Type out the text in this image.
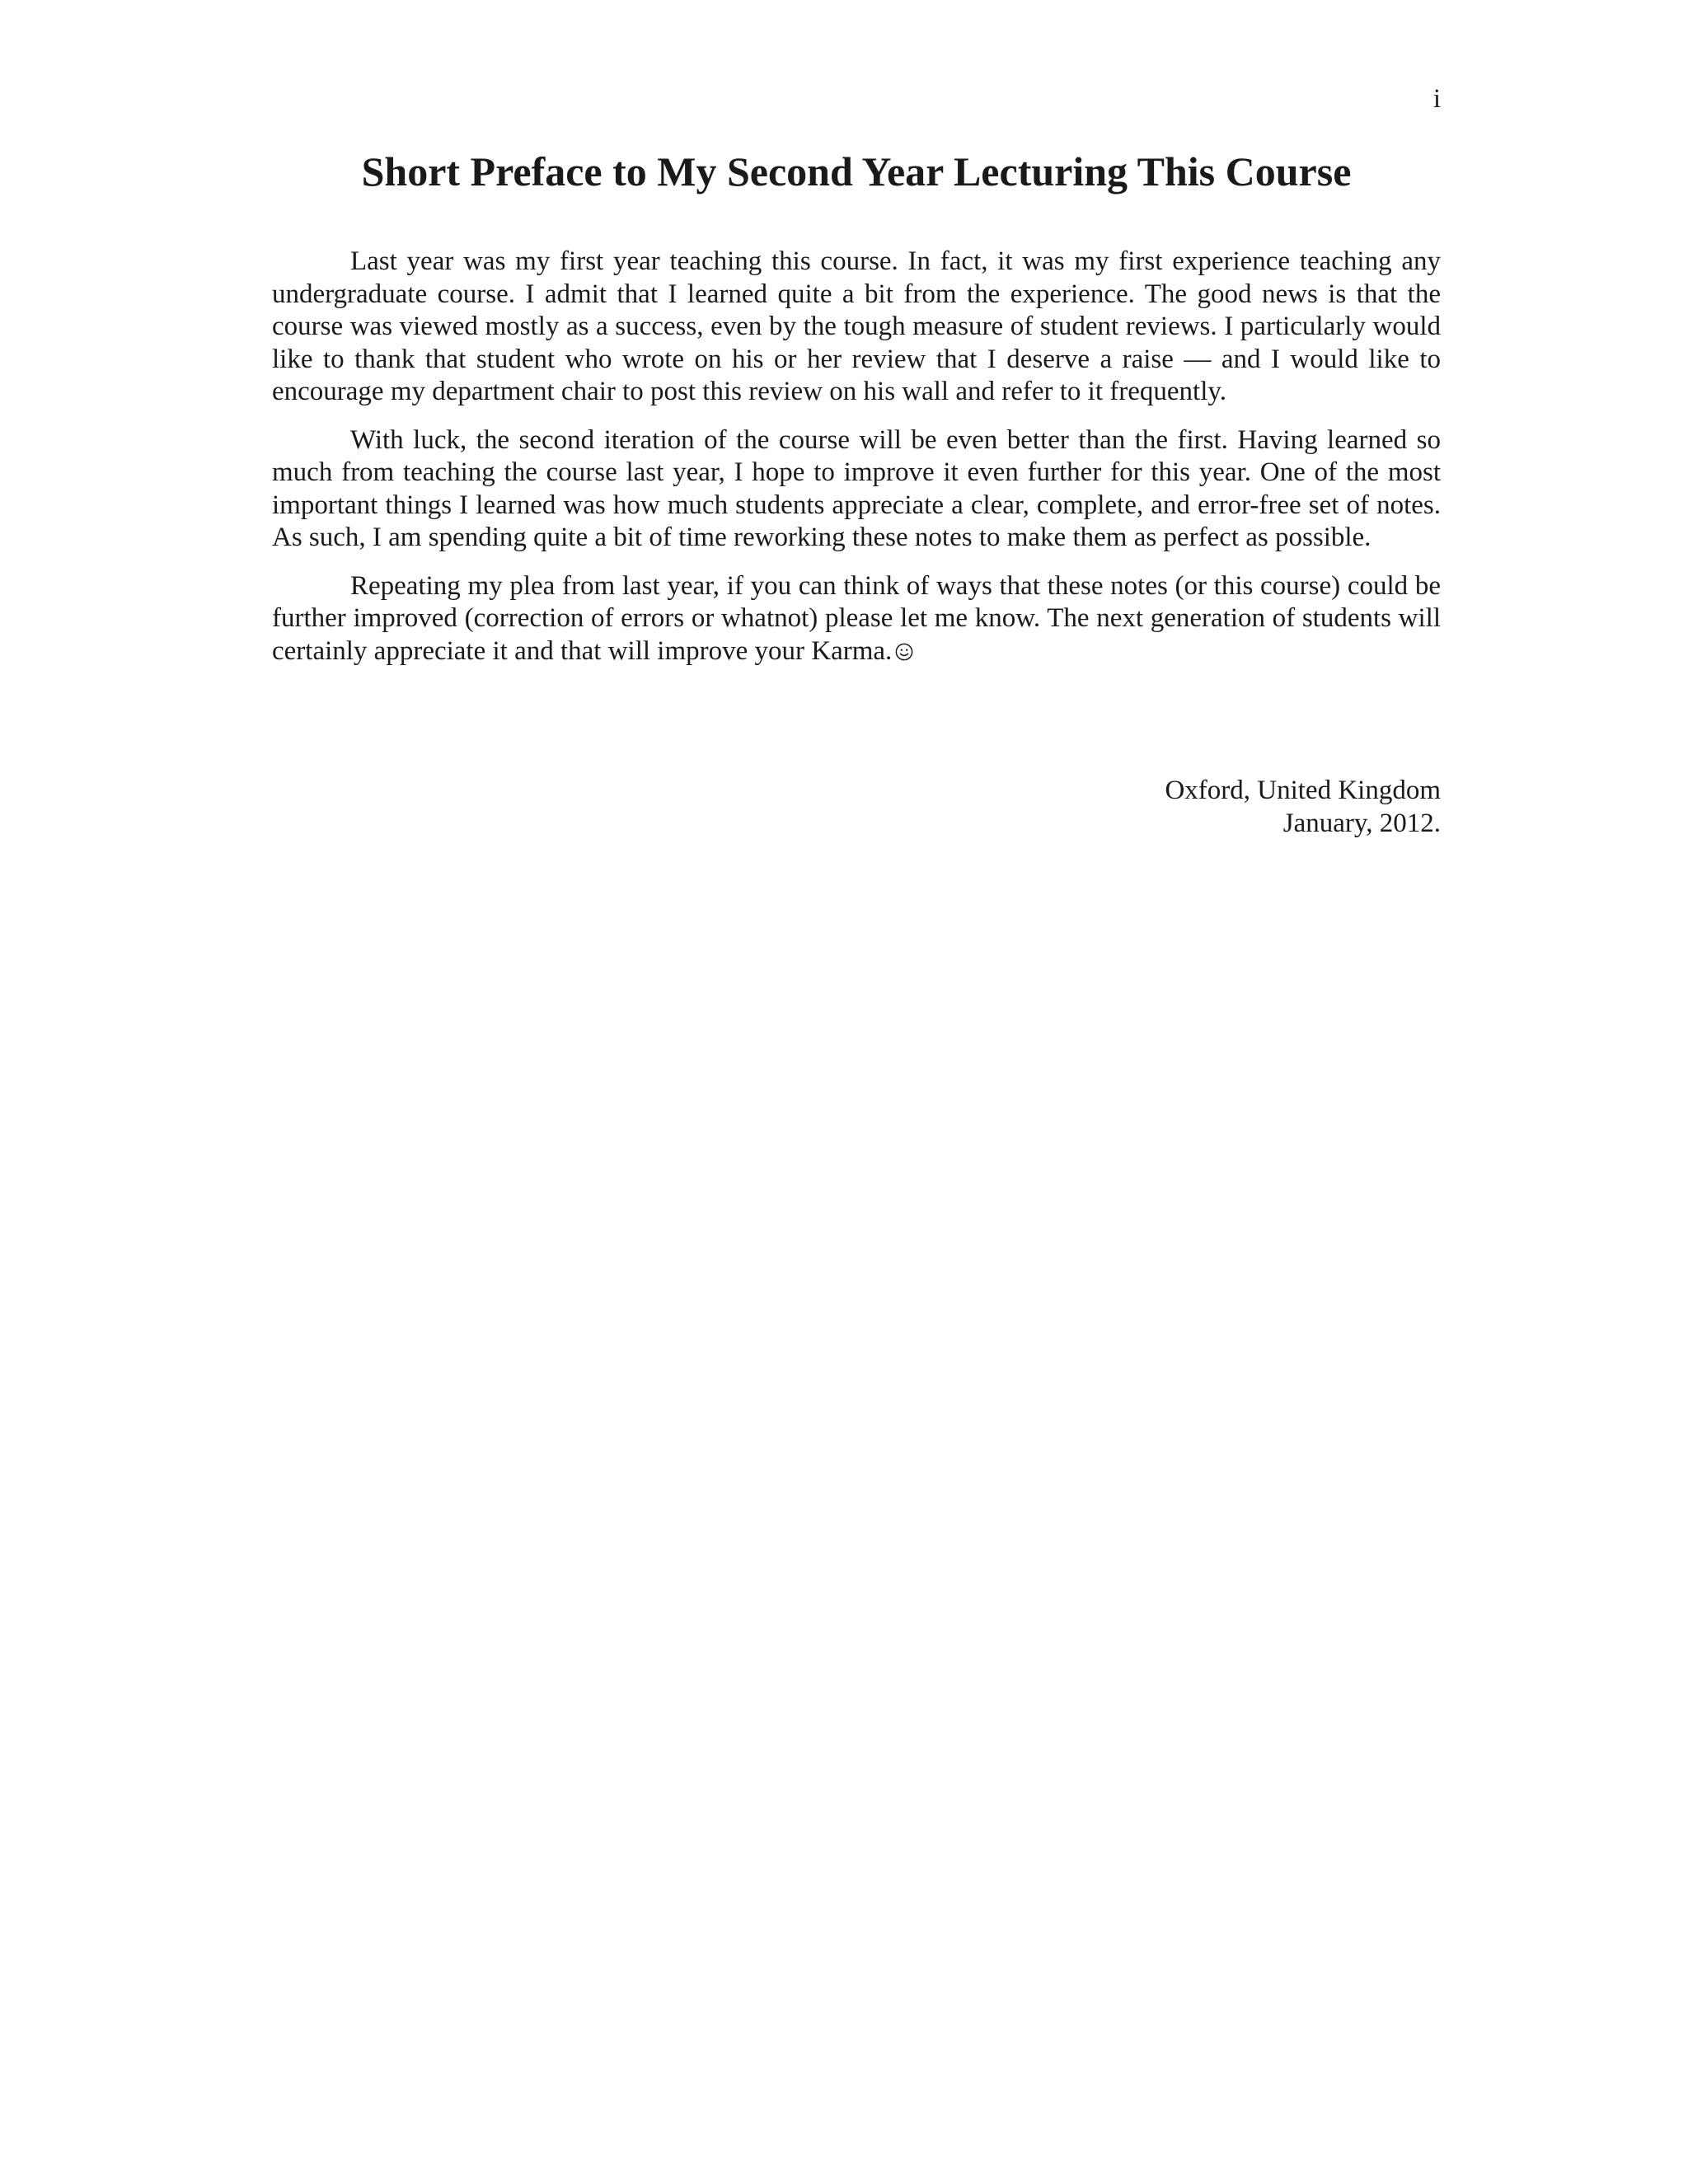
i
Short Preface to My Second Year Lecturing This Course

Last year was my first year teaching this course. In fact, it was my first experience teaching any undergraduate course. I admit that I learned quite a bit from the experience. The good news is that the course was viewed mostly as a success, even by the tough measure of student reviews. I particularly would like to thank that student who wrote on his or her review that I deserve a raise — and I would like to encourage my department chair to post this review on his wall and refer to it frequently.

With luck, the second iteration of the course will be even better than the first. Having learned so much from teaching the course last year, I hope to improve it even further for this year. One of the most important things I learned was how much students appreciate a clear, complete, and error-free set of notes. As such, I am spending quite a bit of time reworking these notes to make them as perfect as possible.

Repeating my plea from last year, if you can think of ways that these notes (or this course) could be further improved (correction of errors or whatnot) please let me know. The next generation of students will certainly appreciate it and that will improve your Karma.

Oxford, United Kingdom
January, 2012.
